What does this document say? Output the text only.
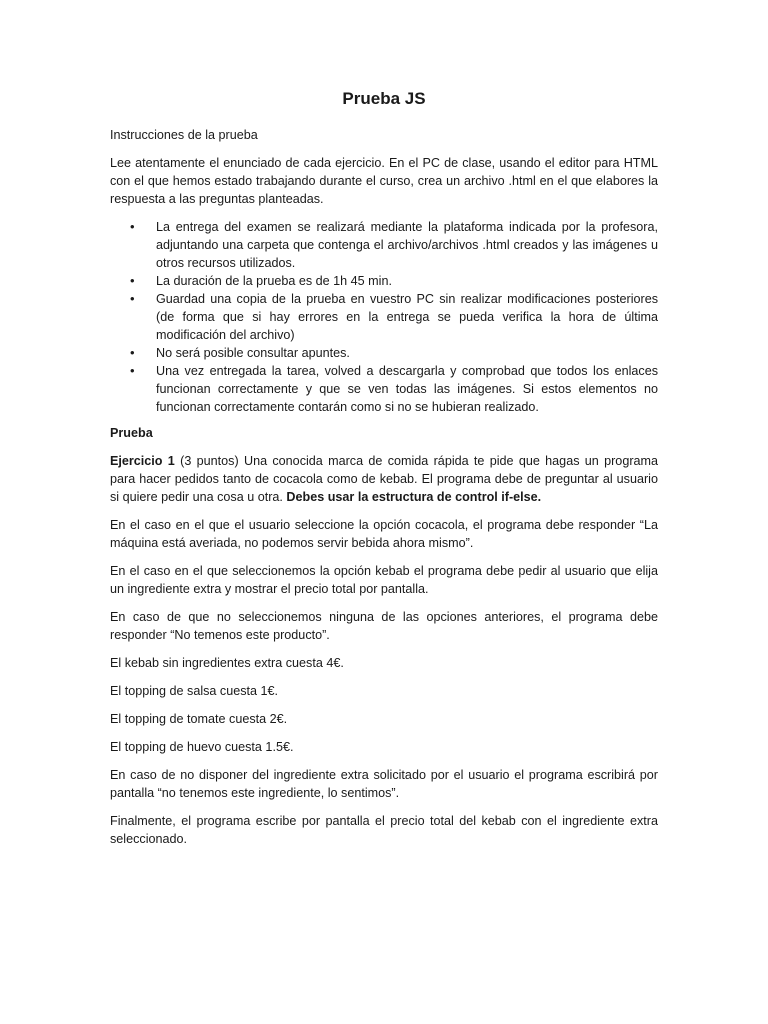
Prueba JS
Instrucciones de la prueba
Lee atentamente el enunciado de cada ejercicio. En el PC de clase, usando el editor para HTML con el que hemos estado trabajando durante el curso, crea un archivo .html en el que elabores la respuesta a las preguntas planteadas.
• La entrega del examen se realizará mediante la plataforma indicada por la profesora, adjuntando una carpeta que contenga el archivo/archivos .html creados y las imágenes u otros recursos utilizados.
• La duración de la prueba es de 1h 45 min.
• Guardad una copia de la prueba en vuestro PC sin realizar modificaciones posteriores (de forma que si hay errores en la entrega se pueda verifica la hora de última modificación del archivo)
• No será posible consultar apuntes.
• Una vez entregada la tarea, volved a descargarla y comprobad que todos los enlaces funcionan correctamente y que se ven todas las imágenes. Si estos elementos no funcionan correctamente contarán como si no se hubieran realizado.
Prueba
Ejercicio 1 (3 puntos) Una conocida marca de comida rápida te pide que hagas un programa para hacer pedidos tanto de cocacola como de kebab. El programa debe de preguntar al usuario si quiere pedir una cosa u otra. Debes usar la estructura de control if-else.
En el caso en el que el usuario seleccione la opción cocacola, el programa debe responder “La máquina está averiada, no podemos servir bebida ahora mismo”.
En el caso en el que seleccionemos la opción kebab el programa debe pedir al usuario que elija un ingrediente extra y mostrar el precio total por pantalla.
En caso de que no seleccionemos ninguna de las opciones anteriores, el programa debe responder “No temenos este producto”.
El kebab sin ingredientes extra cuesta 4€.
El topping de salsa cuesta 1€.
El topping de tomate cuesta 2€.
El topping de huevo cuesta 1.5€.
En caso de no disponer del ingrediente extra solicitado por el usuario el programa escribirá por pantalla “no tenemos este ingrediente, lo sentimos”.
Finalmente, el programa escribe por pantalla el precio total del kebab con el ingrediente extra seleccionado.
